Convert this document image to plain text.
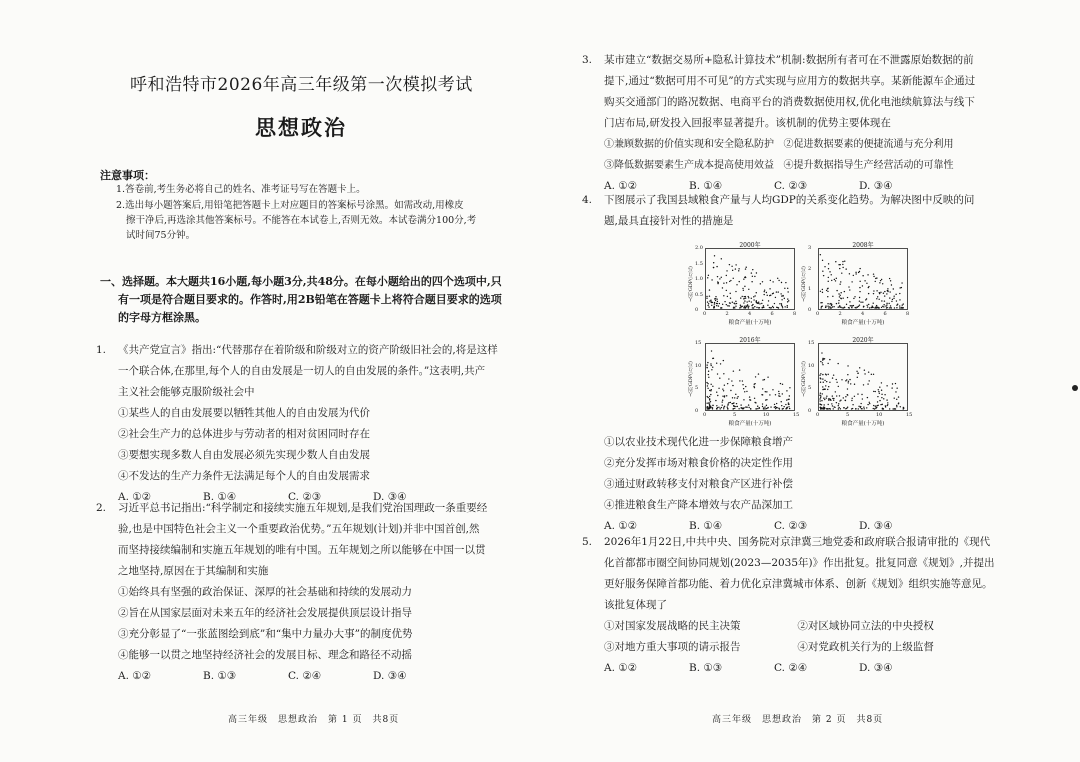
呼和浩特市2026年高三年级第一次模拟考试
思想政治
注意事项：
1.答卷前,考生务必将自己的姓名、准考证号写在答题卡上。
2.选出每小题答案后,用铅笔把答题卡上对应题目的答案标号涂黑。如需改动,用橡皮
擦干净后,再选涂其他答案标号。不能答在本试卷上,否则无效。本试卷满分100分,考
试时间75分钟。
一、选择题。本大题共16小题,每小题3分,共48分。在每小题给出的四个选项中,只
有一项是符合题目要求的。作答时,用2B铅笔在答题卡上将符合题目要求的选项
的字母方框涂黑。
1. 《共产党宣言》指出:“代替那存在着阶级和阶级对立的资产阶级旧社会的,将是这样
一个联合体,在那里,每个人的自由发展是一切人的自由发展的条件。”这表明,共产
主义社会能够克服阶级社会中
①某些人的自由发展要以牺牲其他人的自由发展为代价
②社会生产力的总体进步与劳动者的相对贫困同时存在
③要想实现多数人自由发展必须先实现少数人自由发展
④不发达的生产力条件无法满足每个人的自由发展需求
A. ①②	B. ①④	C. ②③	D. ③④
2. 习近平总书记指出:“科学制定和接续实施五年规划,是我们党治国理政一条重要经
验,也是中国特色社会主义一个重要政治优势。”五年规划(计划)并非中国首创,然
而坚持接续编制和实施五年规划的唯有中国。五年规划之所以能够在中国一以贯
之地坚持,原因在于其编制和实施
①始终具有坚强的政治保证、深厚的社会基础和持续的发展动力
②旨在从国家层面对未来五年的经济社会发展提供顶层设计指导
③充分彰显了“一张蓝图绘到底”和“集中力量办大事”的制度优势
④能够一以贯之地坚持经济社会的发展目标、理念和路径不动摇
A. ①②	B. ①③	C. ②④	D. ③④
高三年级　思想政治　第 1 页　共8页
3. 某市建立“数据交易所+隐私计算技术”机制:数据所有者可在不泄露原始数据的前
提下,通过“数据可用不可见”的方式实现与应用方的数据共享。某新能源车企通过
购买交通部门的路况数据、电商平台的消费数据使用权,优化电池续航算法与线下
门店布局,研发投入回报率显著提升。该机制的优势主要体现在
①兼顾数据的价值实现和安全隐私防护 ②促进数据要素的便捷流通与充分利用
③降低数据要素生产成本提高使用效益 ④提升数据指导生产经营活动的可靠性
A. ①②	B. ①④	C. ②③	D. ③④
4. 下图展示了我国县域粮食产量与人均GDP的关系变化趋势。为解决图中反映的问
题,最具直接针对性的措施是
2000年
粮食产量(十万吨)
人均GDP(万元)
0	2	4	6	8
0
0.5
1.0
1.5
2.0	2008年
粮食产量(十万吨)
人均GDP(万元)
0	2	4	6	8
0
1
2
3
2016年
粮食产量(十万吨)
人均GDP(万元)
0	5	10	15
0
5
10
15	2020年
粮食产量(十万吨)
人均GDP(万元)
0	5	10	15
0
5
10
15
①以农业技术现代化进一步保障粮食增产
②充分发挥市场对粮食价格的决定性作用
③通过财政转移支付对粮食产区进行补偿
④推进粮食生产降本增效与农产品深加工
A. ①②	B. ①④	C. ②③	D. ③④
5. 2026年1月22日,中共中央、国务院对京津冀三地党委和政府联合报请审批的《现代
化首都都市圈空间协同规划(2023—2035年)》作出批复。批复同意《规划》,并提出
更好服务保障首都功能、着力优化京津冀城市体系、创新《规划》组织实施等意见。
该批复体现了
①对国家发展战略的民主决策	②对区域协同立法的中央授权
③对地方重大事项的请示报告	④对党政机关行为的上级监督
A. ①②	B. ①③	C. ②④	D. ③④
高三年级　思想政治　第 2 页　共8页
